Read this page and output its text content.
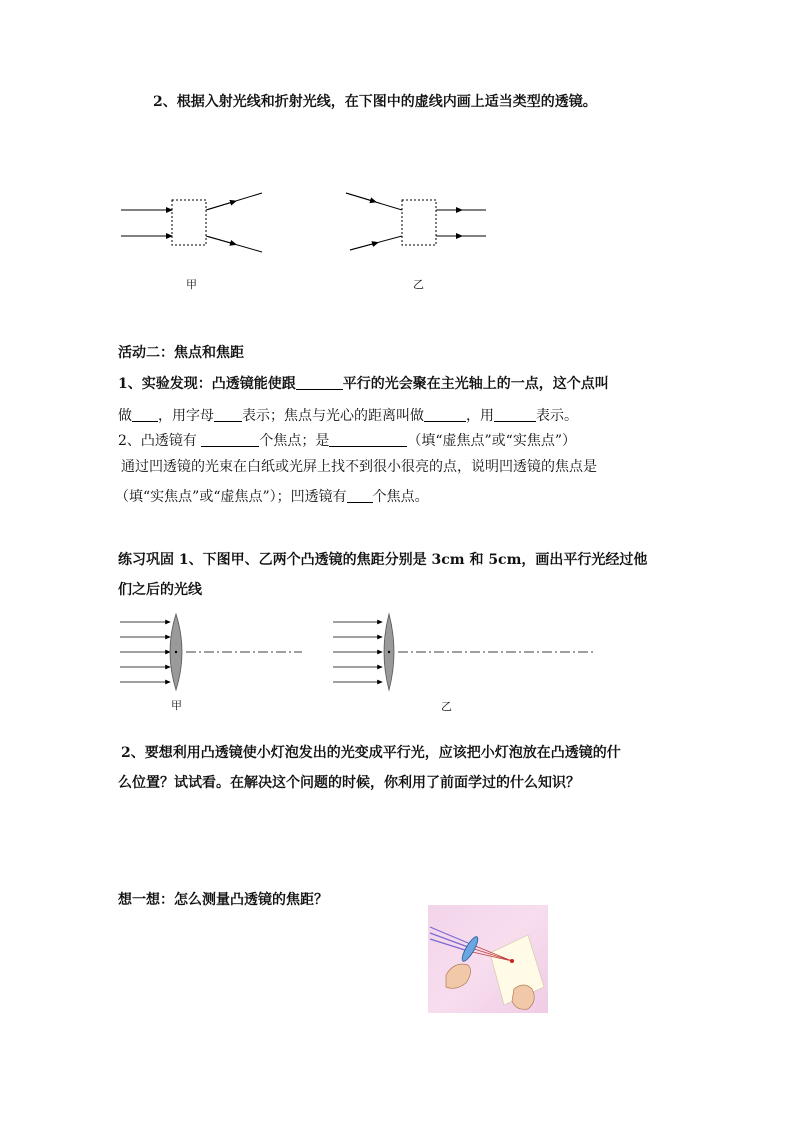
2、根据入射光线和折射光线，在下图中的虚线内画上适当类型的透镜。
甲	乙
活动二：焦点和焦距
1、实验发现：凸透镜能使跟	平行的光会聚在主光轴上的一点，这个点叫
做 ，用字母 表示；焦点与光心的距离叫做	，用	表示。
2、凸透镜有	个焦点；是	（填“虚焦点”或“实焦点”）
通过凹透镜的光束在白纸或光屏上找不到很小很亮的点，说明凹透镜的焦点是
（填“实焦点”或“虚焦点”）；凹透镜有 个焦点。
练习巩固 1、下图甲、乙两个凸透镜的焦距分别是 3cm 和 5cm，画出平行光经过他
们之后的光线
甲	乙
2、要想利用凸透镜使小灯泡发出的光变成平行光，应该把小灯泡放在凸透镜的什
么位置？试试看。在解决这个问题的时候，你利用了前面学过的什么知识？
想一想：怎么测量凸透镜的焦距？
